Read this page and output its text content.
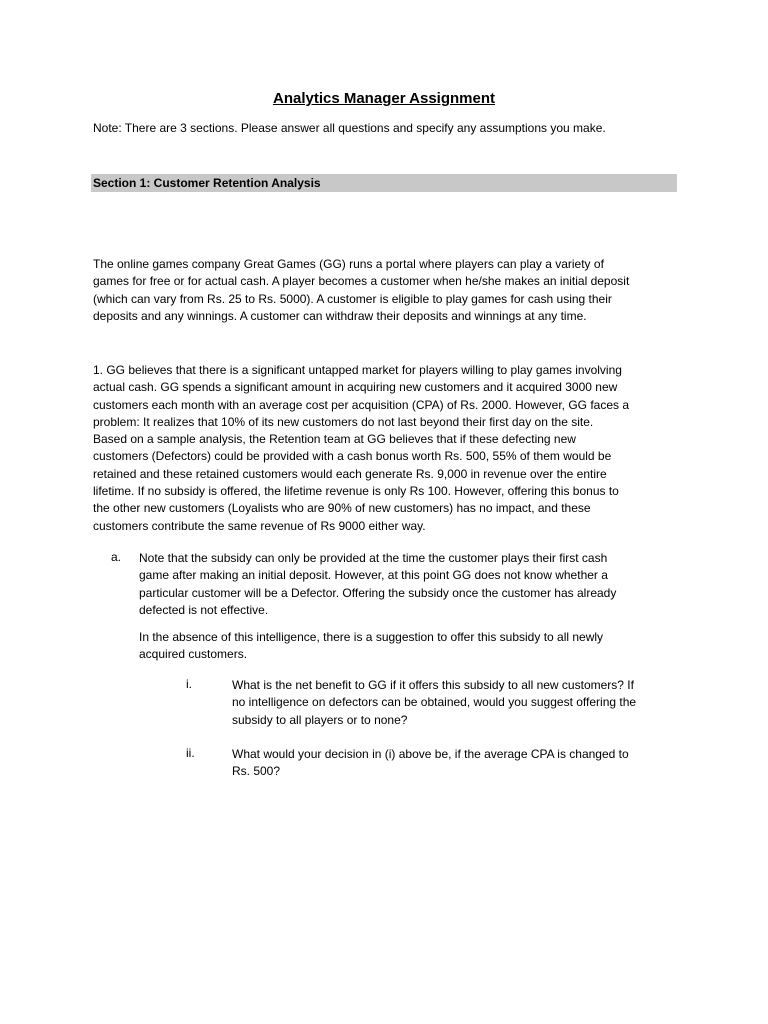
Analytics Manager Assignment
Note: There are 3 sections. Please answer all questions and specify any assumptions you make.
Section 1: Customer Retention Analysis
The online games company Great Games (GG) runs a portal where players can play a variety of
games for free or for actual cash. A player becomes a customer when he/she makes an initial deposit
(which can vary from Rs. 25 to Rs. 5000). A customer is eligible to play games for cash using their
deposits and any winnings. A customer can withdraw their deposits and winnings at any time.
1. GG believes that there is a significant untapped market for players willing to play games involving
actual cash. GG spends a significant amount in acquiring new customers and it acquired 3000 new
customers each month with an average cost per acquisition (CPA) of Rs. 2000. However, GG faces a
problem: It realizes that 10% of its new customers do not last beyond their first day on the site.
Based on a sample analysis, the Retention team at GG believes that if these defecting new
customers (Defectors) could be provided with a cash bonus worth Rs. 500, 55% of them would be
retained and these retained customers would each generate Rs. 9,000 in revenue over the entire
lifetime. If no subsidy is offered, the lifetime revenue is only Rs 100. However, offering this bonus to
the other new customers (Loyalists who are 90% of new customers) has no impact, and these
customers contribute the same revenue of Rs 9000 either way.
a. Note that the subsidy can only be provided at the time the customer plays their first cash
game after making an initial deposit. However, at this point GG does not know whether a
particular customer will be a Defector. Offering the subsidy once the customer has already
defected is not effective.
In the absence of this intelligence, there is a suggestion to offer this subsidy to all newly
acquired customers.
i.	What is the net benefit to GG if it offers this subsidy to all new customers? If
no intelligence on defectors can be obtained, would you suggest offering the
subsidy to all players or to none?
ii.	What would your decision in (i) above be, if the average CPA is changed to
Rs. 500?
